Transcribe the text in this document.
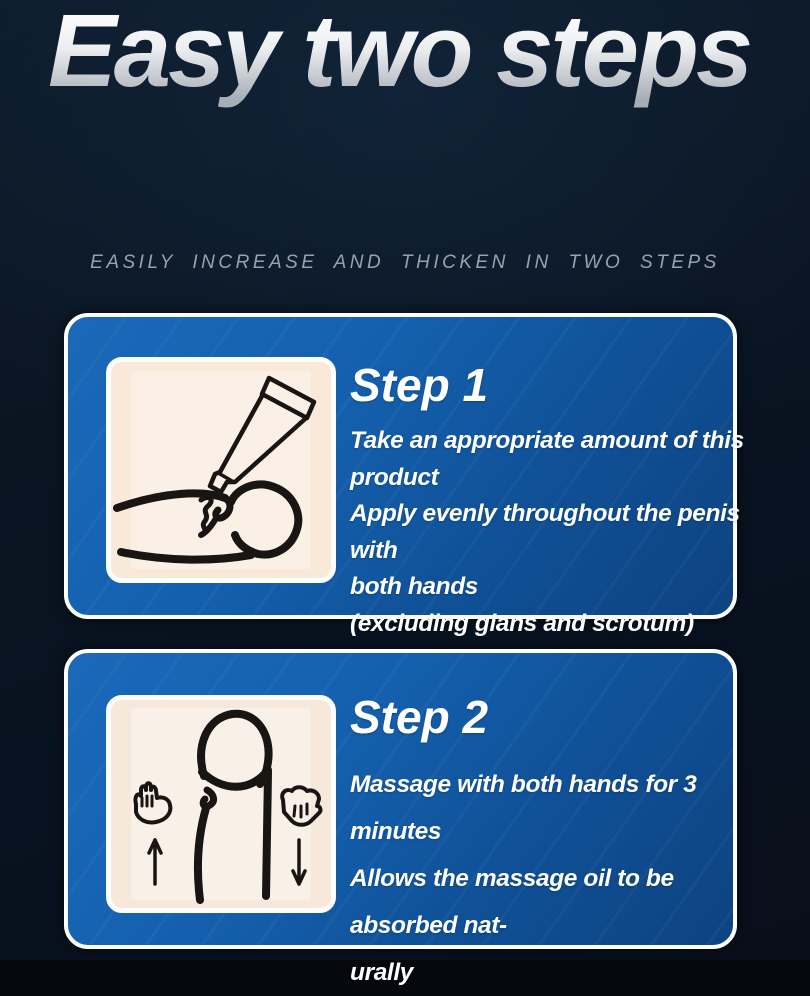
Easy two steps
EASILY INCREASE AND THICKEN IN TWO STEPS
Step 1
Take an appropriate amount of this product
Apply evenly throughout the penis with
both hands
(excluding glans and scrotum)
Step 2
Massage with both hands for 3 minutes
Allows the massage oil to be absorbed nat-
urally
